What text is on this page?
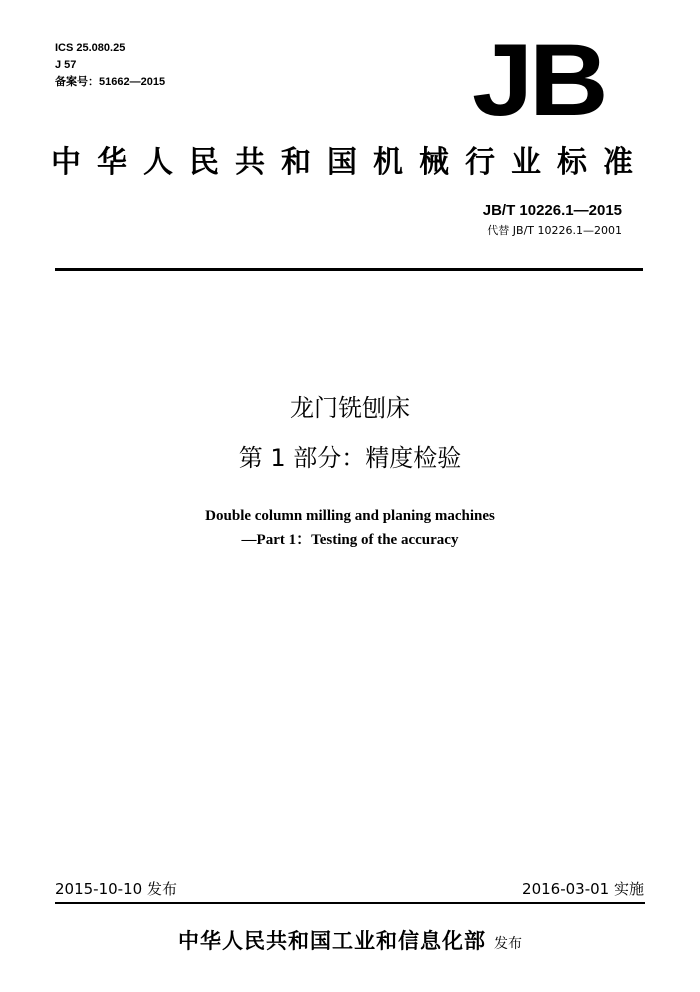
ICS 25.080.25
J 57
备案号：51662—2015	JB
中华人民共和国机械行业标准
JB/T 10226.1—2015
代替 JB/T 10226.1—2001
龙门铣刨床
第 1 部分：精度检验
Double column milling and planing machines
—Part 1：Testing of the accuracy
2015-10-10 发布	2016-03-01 实施
中华人民共和国工业和信息化部 发布
